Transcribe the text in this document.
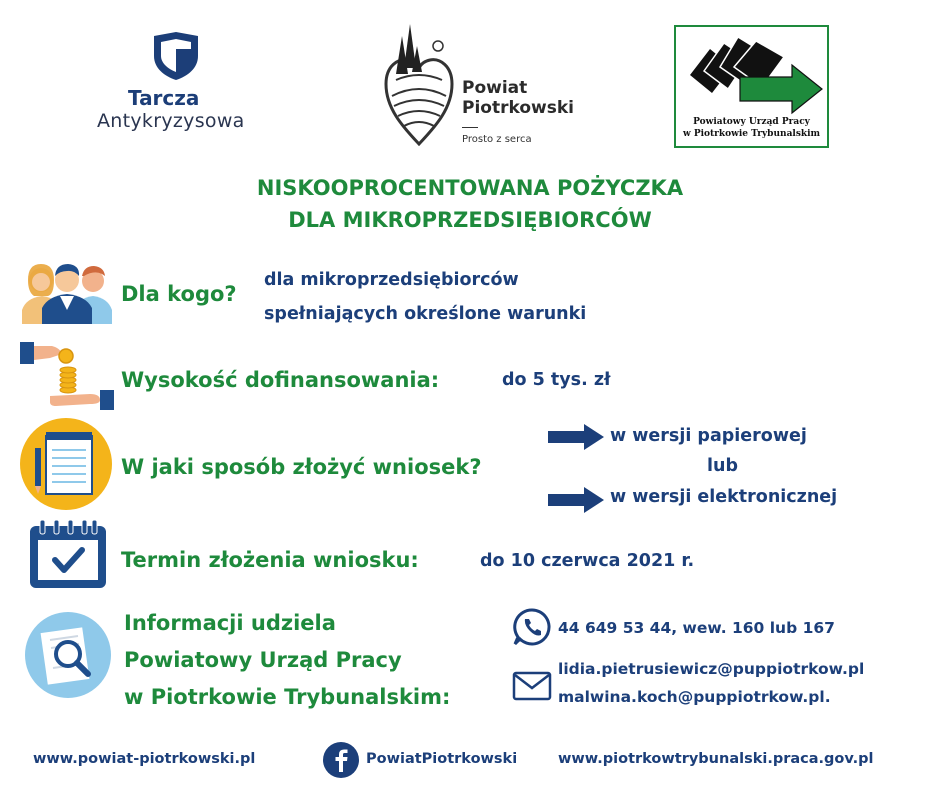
Tarcza
Antykryzysowa
Powiat
Piotrkowski
Prosto z serca
Powiatowy Urząd Pracy
w Piotrkowie Trybunalskim
NISKOOPROCENTOWANA POŻYCZKA
DLA MIKROPRZEDSIĘBIORCÓW
Dla kogo?
dla mikroprzedsiębiorców
spełniających określone warunki
Wysokość dofinansowania:	do 5 tys. zł
W jaki sposób złożyć wniosek?
w wersji papierowej
lub
w wersji elektronicznej
Termin złożenia wniosku:	do 10 czerwca 2021 r.
Informacji udziela
Powiatowy Urząd Pracy
w Piotrkowie Trybunalskim:
44 649 53 44, wew. 160 lub 167
lidia.pietrusiewicz@puppiotrkow.pl
malwina.koch@puppiotrkow.pl.
www.powiat-piotrkowski.pl	PowiatPiotrkowski	www.piotrkowtrybunalski.praca.gov.pl
